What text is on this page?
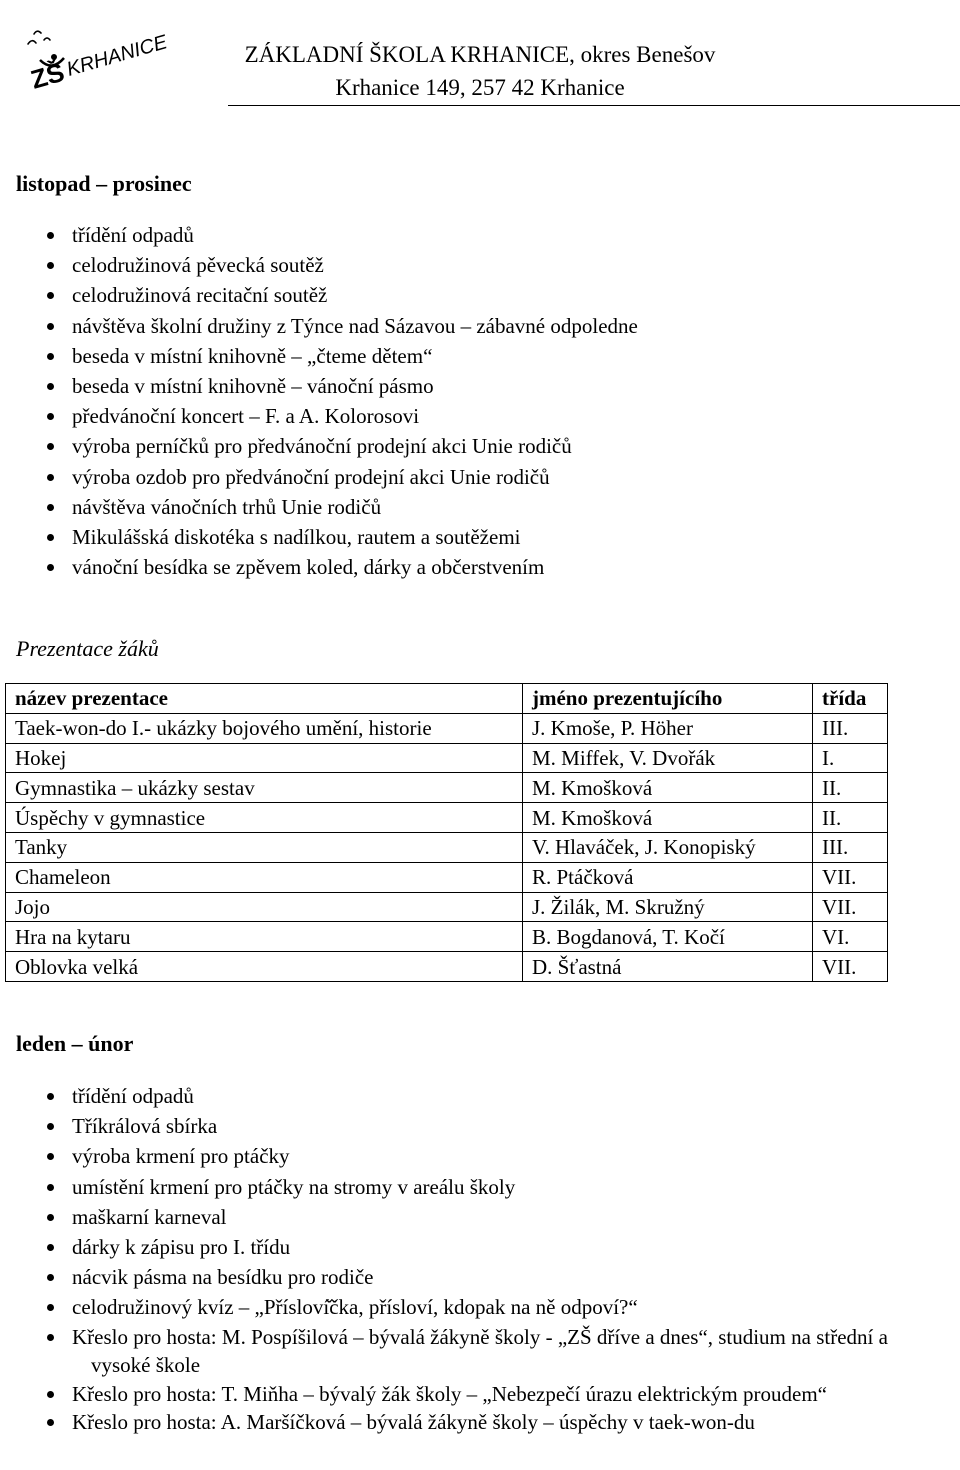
ZŠ
KRHANICE	ZÁKLADNÍ ŠKOLA KRHANICE, okres Benešov
Krhanice 149, 257 42 Krhanice
listopad – prosinec
třídění odpadů
celodružinová pěvecká soutěž
celodružinová recitační soutěž
návštěva školní družiny z Týnce nad Sázavou – zábavné odpoledne
beseda v místní knihovně – „čteme dětem“
beseda v místní knihovně – vánoční pásmo
předvánoční koncert – F. a A. Kolorosovi
výroba perníčků pro předvánoční prodejní akci Unie rodičů
výroba ozdob pro předvánoční prodejní akci Unie rodičů
návštěva vánočních trhů Unie rodičů
Mikulášská diskotéka s nadílkou, rautem a soutěžemi
vánoční besídka se zpěvem koled, dárky a občerstvením
Prezentace žáků
název prezentace	jméno prezentujícího	třída
Taek-won-do I.- ukázky bojového umění, historie	J. Kmoše, P. Höher	III.
Hokej	M. Miffek, V. Dvořák	I.
Gymnastika – ukázky sestav	M. Kmošková	II.
Úspěchy v gymnastice	M. Kmošková	II.
Tanky	V. Hlaváček, J. Konopiský	III.
Chameleon	R. Ptáčková	VII.
Jojo	J. Žilák, M. Skružný	VII.
Hra na kytaru	B. Bogdanová, T. Kočí	VI.
Oblovka velká	D. Šťastná	VII.
leden – únor
třídění odpadů
Tříkrálová sbírka
výroba krmení pro ptáčky
umístění krmení pro ptáčky na stromy v areálu školy
maškarní karneval
dárky k zápisu pro I. třídu
nácvik pásma na besídku pro rodiče
celodružinový kvíz – „Přísloví̌čka, přísloví, kdopak na ně odpoví?“
Křeslo pro hosta: M. Pospíšilová – bývalá žákyně školy - „ZŠ dříve a dnes“, studium na střední a vysoké škole
Křeslo pro hosta: T. Miňha – bývalý žák školy – „Nebezpečí úrazu elektrickým proudem“
Křeslo pro hosta: A. Maršíčková – bývalá žákyně školy – úspěchy v taek-won-du
